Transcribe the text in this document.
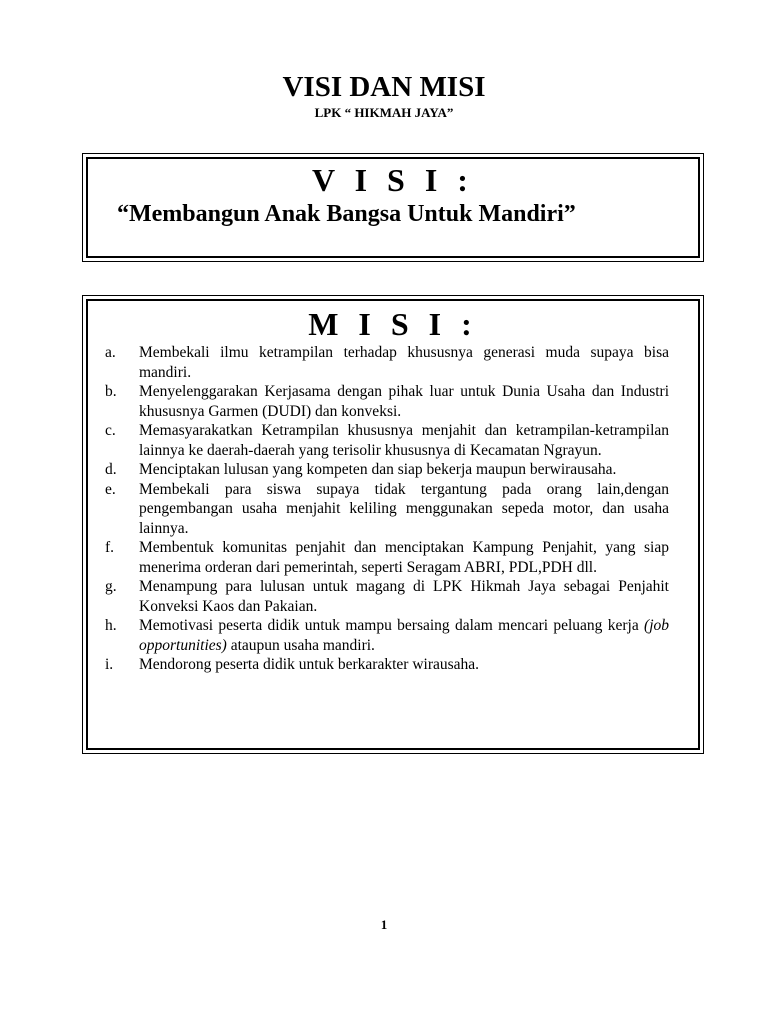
VISI DAN MISI
LPK “ HIKMAH JAYA”
V I S I :
“Membangun Anak Bangsa Untuk Mandiri”
M I S I :
a.	Membekali ilmu ketrampilan terhadap khususnya generasi muda supaya bisa mandiri.
b.	Menyelenggarakan Kerjasama dengan pihak luar untuk Dunia Usaha dan Industri khususnya Garmen (DUDI) dan konveksi.
c.	Memasyarakatkan Ketrampilan khususnya menjahit dan ketrampilan-ketrampilan lainnya ke daerah-daerah yang terisolir khususnya di Kecamatan Ngrayun.
d.	Menciptakan lulusan yang kompeten dan siap bekerja maupun berwirausaha.
e.	Membekali para siswa supaya tidak tergantung pada orang lain,dengan pengembangan usaha menjahit keliling menggunakan sepeda motor, dan usaha lainnya.
f.	Membentuk komunitas penjahit dan menciptakan Kampung Penjahit, yang siap menerima orderan dari pemerintah, seperti Seragam ABRI, PDL,PDH dll.
g.	Menampung para lulusan untuk magang di LPK Hikmah Jaya sebagai Penjahit Konveksi Kaos dan Pakaian.
h.	Memotivasi peserta didik untuk mampu bersaing dalam mencari peluang kerja (job opportunities) ataupun usaha mandiri.
i.	Mendorong peserta didik untuk berkarakter wirausaha.
1
